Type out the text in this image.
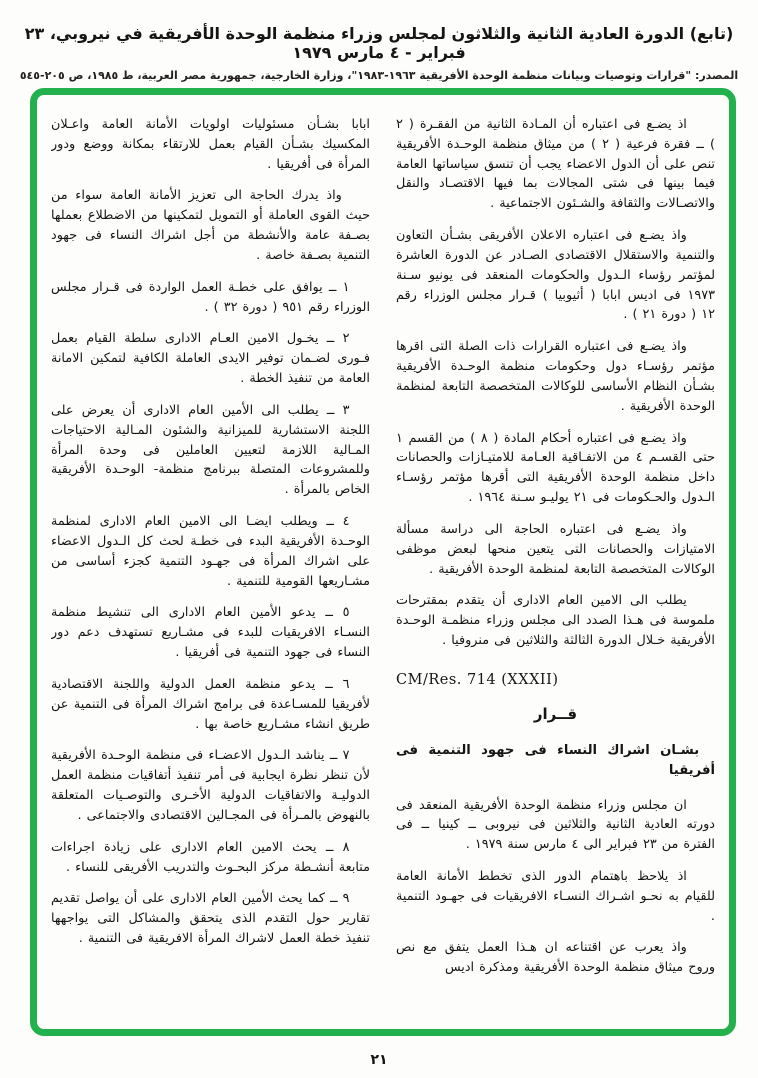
(تابع) الدورة العادية الثانية والثلاثون لمجلس وزراء منظمة الوحدة الأفريقية في نيروبي، ٢٣ فبراير - ٤ مارس ١٩٧٩
المصدر: "قرارات وتوصيات وبيانات منظمة الوحدة الأفريقية ١٩٦٣-١٩٨٣"، وزارة الخارجية، جمهورية مصر العربية، ط ١٩٨٥، ص ٢٠٥-٥٤٥

اذ يضـع فى اعتباره أن المـادة الثانية من الفقـرة ( ٢ ) ــ فقرة فرعية ( ٢ ) من ميثاق منظمة الوحـدة الأفريقية تنص على أن الدول الاعضاء يجب أن تنسق سياساتها العامة فيما بينها فى شتى المجالات بما فيها الاقتصـاد والنقل والاتصـالات والثقافة والشـئون الاجتماعية .

واذ يضـع فى اعتباره الاعلان الأفريقى بشـأن التعاون والتنمية والاستقلال الاقتصادى الصـادر عن الدورة العاشرة لمؤتمر رؤساء الـدول والحكومات المنعقد فى يونيو سـنة ١٩٧٣ فى اديس ابابا ( أثيوبيا ) قـرار مجلس الوزراء رقم ١٢ ( دورة ٢١ ) .

واذ يضـع فى اعتباره القرارات ذات الصلة التى اقرها مؤتمر رؤسـاء دول وحكومات منظمة الوحـدة الأفريقية بشـأن النظام الأساسى للوكالات المتخصصة التابعة لمنظمة الوحدة الأفريقية .

واذ يضـع فى اعتباره أحكام المادة ( ٨ ) من القسم ١ حتى القسـم ٤ من الاتفـاقية العـامة للامتيـازات والحصانات داخل منظمة الوحدة الأفريقية التى أقرها مؤتمر رؤسـاء الـدول والحـكومات فى ٢١ يوليـو سـنة ١٩٦٤ .

واذ يضـع فى اعتباره الحاجة الى دراسة مسألة الامتيازات والحصانات التى يتعين منحها لبعض موظفى الوكالات المتخصصة التابعة لمنظمة الوحدة الأفريقية .

يطلب الى الامين العام الادارى أن يتقدم بمقترحات ملموسة فى هـذا الصدد الى مجلس وزراء منظمـة الوحـدة الأفريقية خـلال الدورة الثالثة والثلاثين فى منروفيا .

CM/Res. 714 (XXXII)
قــرار
بشـان اشراك النساء فى جهود التنمية فى أفريقيا

ان مجلس وزراء منظمة الوحدة الأفريقية المنعقد فى دورته العادية الثانية والثلاثين فى نيروبى ــ كينيا ــ فى الفترة من ٢٣ فبراير الى ٤ مارس سنة ١٩٧٩ .

اذ يلاحظ باهتمام الدور الذى تخطط الأمانة العامة للقيام به نحـو اشـراك النسـاء الافريقيات فى جهـود التنمية .

واذ يعرب عن اقتناعه ان هـذا العمل يتفق مع نص وروح ميثاق منظمة الوحدة الأفريقية ومذكرة اديس

ابابا بشـأن مسئوليات اولويات الأمانة العامة واعـلان المكسيك بشـأن القيام بعمل للارتقاء بمكانة ووضع ودور المرأة فى أفريقيا .

واذ يدرك الحاجة الى تعزيز الأمانة العامة سواء من حيث القوى العاملة أو التمويل لتمكينها من الاضطلاع بعملها بصـفة عامة والأنشطة من أجل اشراك النساء فى جهود التنمية بصـفة خاصة .

١ ــ يوافق على خطـة العمل الواردة فى قـرار مجلس الوزراء رقم ٩٥١ ( دورة ٣٢ ) .

٢ ــ يخـول الامين العـام الادارى سلطة القيام بعمل فـورى لضـمان توفير الايدى العاملة الكافية لتمكين الامانة العامة من تنفيذ الخطة .

٣ ــ يطلب الى الأمين العام الادارى أن يعرض على اللجنة الاستشارية للميزانية والشئون المـالية الاحتياجات المـالية اللازمة لتعيين العاملين فى وحدة المرأة وللمشروعات المتصلة ببرنامج منظمة- الوحـدة الأفريقية الخاص بالمرأة .

٤ ــ ويطلب ايضـا الى الامين العام الادارى لمنظمة الوحـدة الأفريقية البدء فى خطـة لحث كل الـدول الاعضاء على اشراك المرأة فى جهـود التنمية كجزء أساسى من مشـاريعها القومية للتنمية .

٥ ــ يدعو الأمين العام الادارى الى تنشيط منظمة النسـاء الافريقيات للبدء فى مشـاريع تستهدف دعم دور النساء فى جهود التنمية فى أفريقيا .

٦ ــ يدعو منظمة العمل الدولية واللجنة الاقتصادية لأفريقيا للمسـاعدة فى برامج اشراك المرأة فى التنمية عن طريق انشاء مشـاريع خاصة بها .

٧ ــ يناشد الـدول الاعضـاء فى منظمة الوحـدة الأفريقية لأن تنظر نظرة ايجابية فى أمر تنفيذ أتفاقيات منظمة العمل الدوليـة والاتفاقيات الدولية الأخـرى والتوصـيات المتعلقة بالنهوض بالمـرأة فى المجـالين الاقتصادى والاجتماعى .

٨ ــ يحث الامين العام الادارى على زيادة اجراءات متابعة أنشـطة مركز البحـوث والتدريب الأفريقى للنساء .

٩ ــ كما يحث الأمين العام الادارى على أن يواصل تقديم تقارير حول التقدم الذى يتحقق والمشاكل التى يواجهها تنفيذ خطة العمل لاشراك المرأة الافريقية فى التنمية .

٢١
